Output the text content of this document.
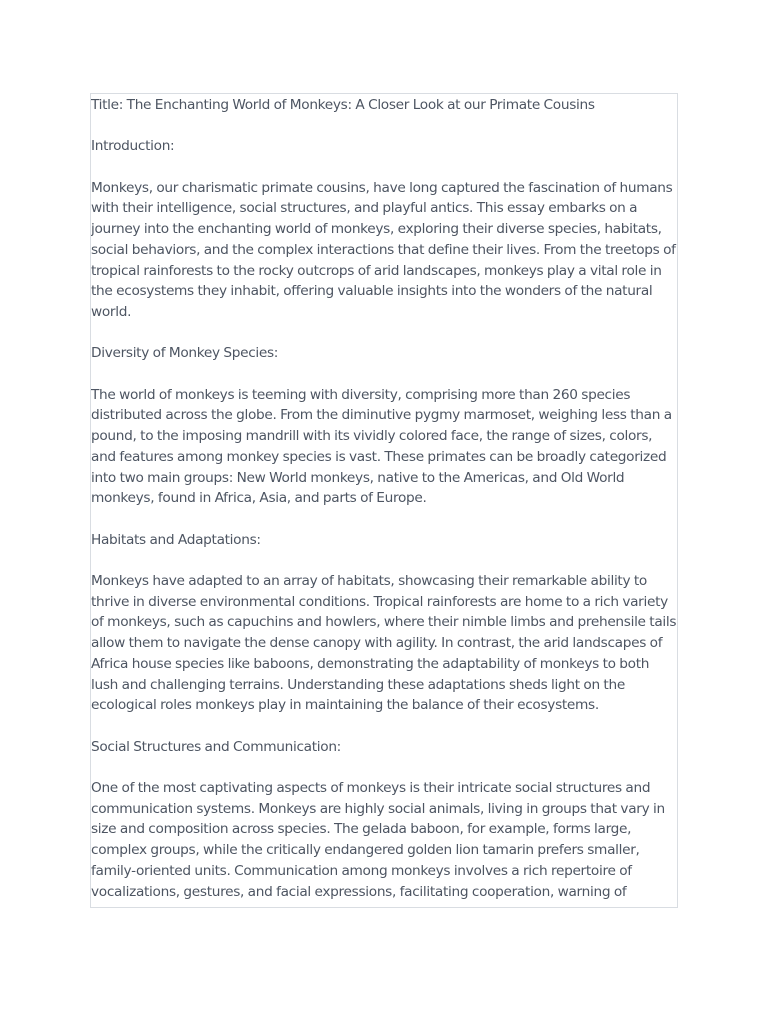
Title: The Enchanting World of Monkeys: A Closer Look at our Primate Cousins

Introduction:

Monkeys, our charismatic primate cousins, have long captured the fascination of humans with their intelligence, social structures, and playful antics. This essay embarks on a journey into the enchanting world of monkeys, exploring their diverse species, habitats, social behaviors, and the complex interactions that define their lives. From the treetops of tropical rainforests to the rocky outcrops of arid landscapes, monkeys play a vital role in the ecosystems they inhabit, offering valuable insights into the wonders of the natural world.

Diversity of Monkey Species:

The world of monkeys is teeming with diversity, comprising more than 260 species distributed across the globe. From the diminutive pygmy marmoset, weighing less than a pound, to the imposing mandrill with its vividly colored face, the range of sizes, colors, and features among monkey species is vast. These primates can be broadly categorized into two main groups: New World monkeys, native to the Americas, and Old World monkeys, found in Africa, Asia, and parts of Europe.

Habitats and Adaptations:

Monkeys have adapted to an array of habitats, showcasing their remarkable ability to thrive in diverse environmental conditions. Tropical rainforests are home to a rich variety of monkeys, such as capuchins and howlers, where their nimble limbs and prehensile tails allow them to navigate the dense canopy with agility. In contrast, the arid landscapes of Africa house species like baboons, demonstrating the adaptability of monkeys to both lush and challenging terrains. Understanding these adaptations sheds light on the ecological roles monkeys play in maintaining the balance of their ecosystems.

Social Structures and Communication:

One of the most captivating aspects of monkeys is their intricate social structures and communication systems. Monkeys are highly social animals, living in groups that vary in size and composition across species. The gelada baboon, for example, forms large, complex groups, while the critically endangered golden lion tamarin prefers smaller, family-oriented units. Communication among monkeys involves a rich repertoire of vocalizations, gestures, and facial expressions, facilitating cooperation, warning of
